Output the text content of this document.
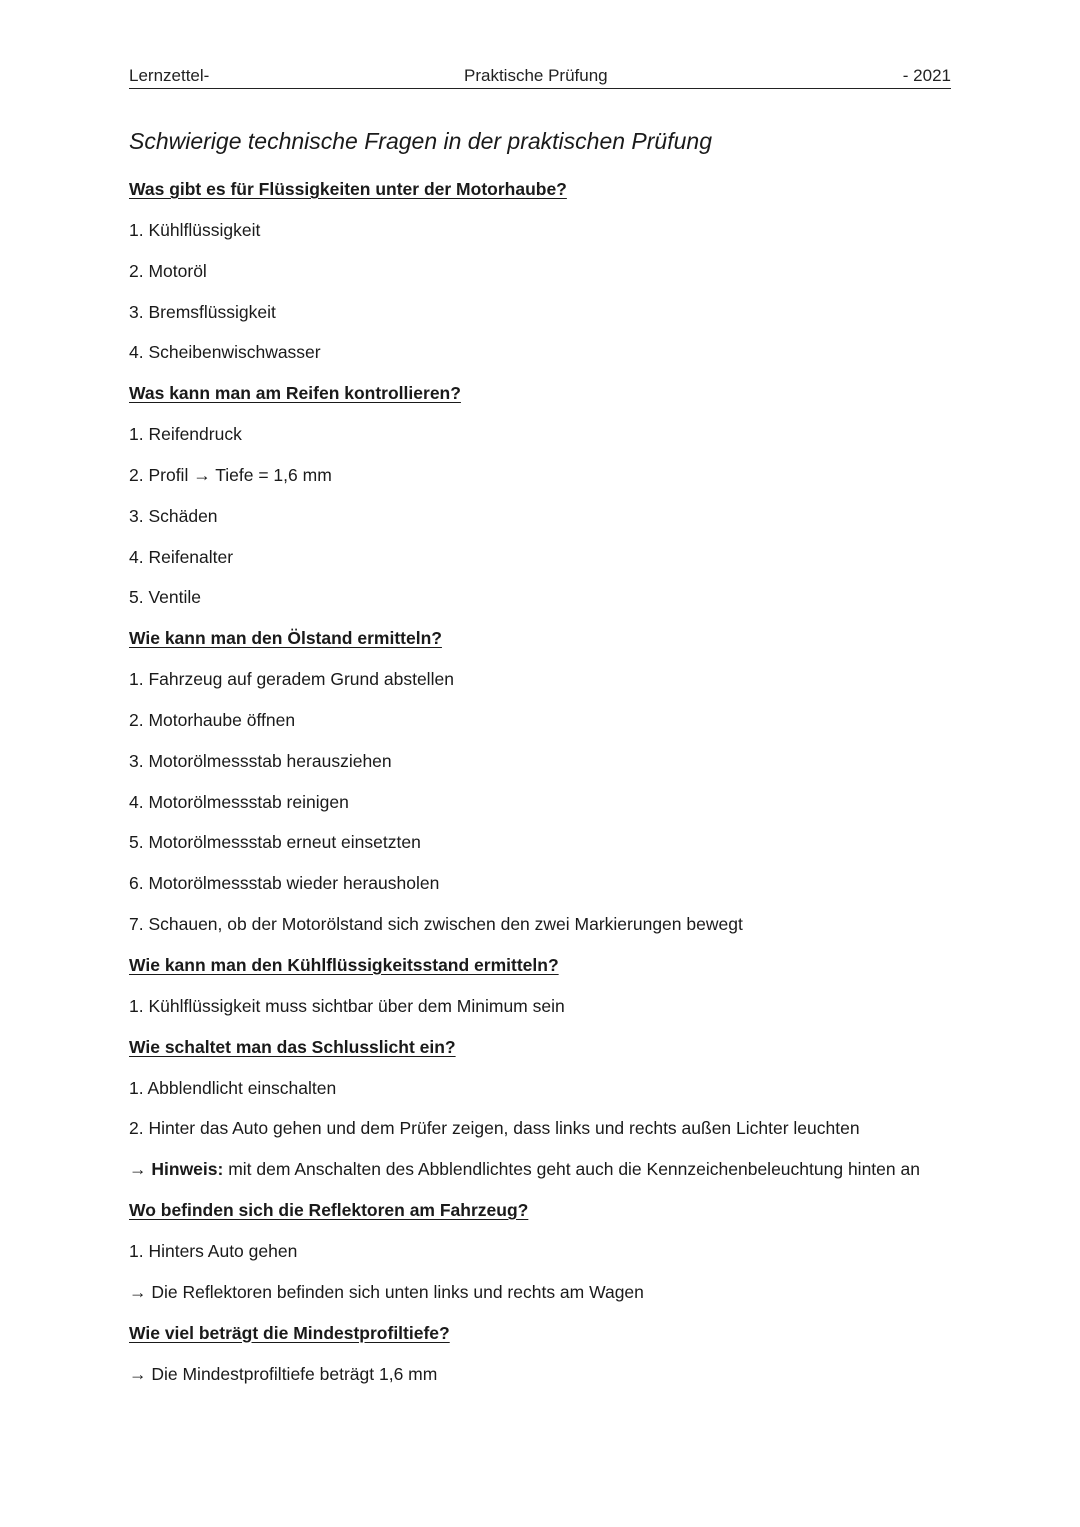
Lernzettel-	Praktische Prüfung	- 2021
Schwierige technische Fragen in der praktischen Prüfung

Was gibt es für Flüssigkeiten unter der Motorhaube?

1. Kühlflüssigkeit

2. Motoröl

3. Bremsflüssigkeit

4. Scheibenwischwasser

Was kann man am Reifen kontrollieren?

1. Reifendruck

2. Profil → Tiefe = 1,6 mm

3. Schäden

4. Reifenalter

5. Ventile

Wie kann man den Ölstand ermitteln?

1. Fahrzeug auf geradem Grund abstellen

2. Motorhaube öffnen

3. Motorölmessstab herausziehen

4. Motorölmessstab reinigen

5. Motorölmessstab erneut einsetzten

6. Motorölmessstab wieder herausholen

7. Schauen, ob der Motorölstand sich zwischen den zwei Markierungen bewegt

Wie kann man den Kühlflüssigkeitsstand ermitteln?

1. Kühlflüssigkeit muss sichtbar über dem Minimum sein

Wie schaltet man das Schlusslicht ein?

1. Abblendlicht einschalten

2. Hinter das Auto gehen und dem Prüfer zeigen, dass links und rechts außen Lichter leuchten

→ Hinweis: mit dem Anschalten des Abblendlichtes geht auch die Kennzeichenbeleuchtung hinten an

Wo befinden sich die Reflektoren am Fahrzeug?

1. Hinters Auto gehen

→ Die Reflektoren befinden sich unten links und rechts am Wagen

Wie viel beträgt die Mindestprofiltiefe?

→ Die Mindestprofiltiefe beträgt 1,6 mm
